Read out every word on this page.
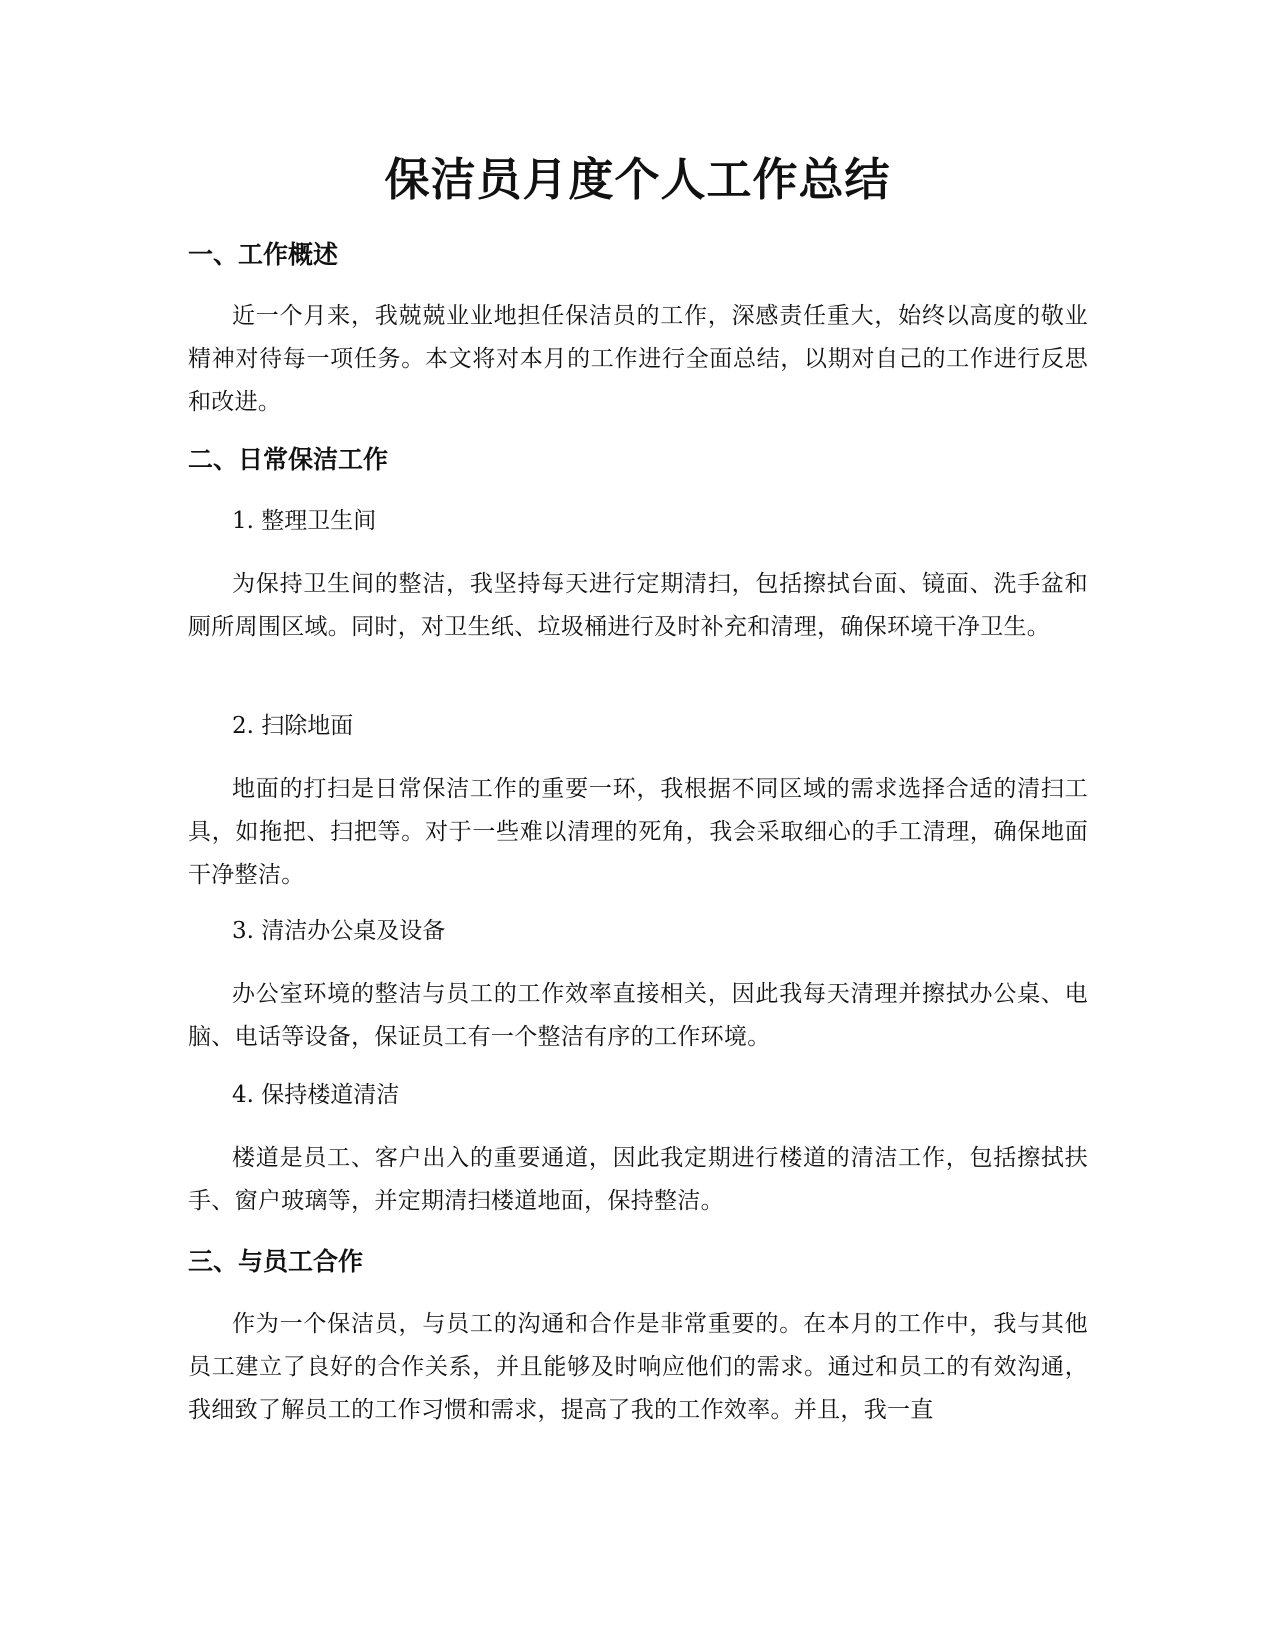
保洁员月度个人工作总结
一、工作概述

近一个月来，我兢兢业业地担任保洁员的工作，深感责任重大，始终以高度的敬业精神对待每一项任务。本文将对本月的工作进行全面总结，以期对自己的工作进行反思和改进。

二、日常保洁工作
1. 整理卫生间

为保持卫生间的整洁，我坚持每天进行定期清扫，包括擦拭台面、镜面、洗手盆和厕所周围区域。同时，对卫生纸、垃圾桶进行及时补充和清理，确保环境干净卫生。

2. 扫除地面

地面的打扫是日常保洁工作的重要一环，我根据不同区域的需求选择合适的清扫工具，如拖把、扫把等。对于一些难以清理的死角，我会采取细心的手工清理，确保地面干净整洁。

3. 清洁办公桌及设备

办公室环境的整洁与员工的工作效率直接相关，因此我每天清理并擦拭办公桌、电脑、电话等设备，保证员工有一个整洁有序的工作环境。

4. 保持楼道清洁

楼道是员工、客户出入的重要通道，因此我定期进行楼道的清洁工作，包括擦拭扶手、窗户玻璃等，并定期清扫楼道地面，保持整洁。

三、与员工合作

作为一个保洁员，与员工的沟通和合作是非常重要的。在本月的工作中，我与其他员工建立了良好的合作关系，并且能够及时响应他们的需求。通过和员工的有效沟通，我细致了解员工的工作习惯和需求，提高了我的工作效率。并且，我一直
